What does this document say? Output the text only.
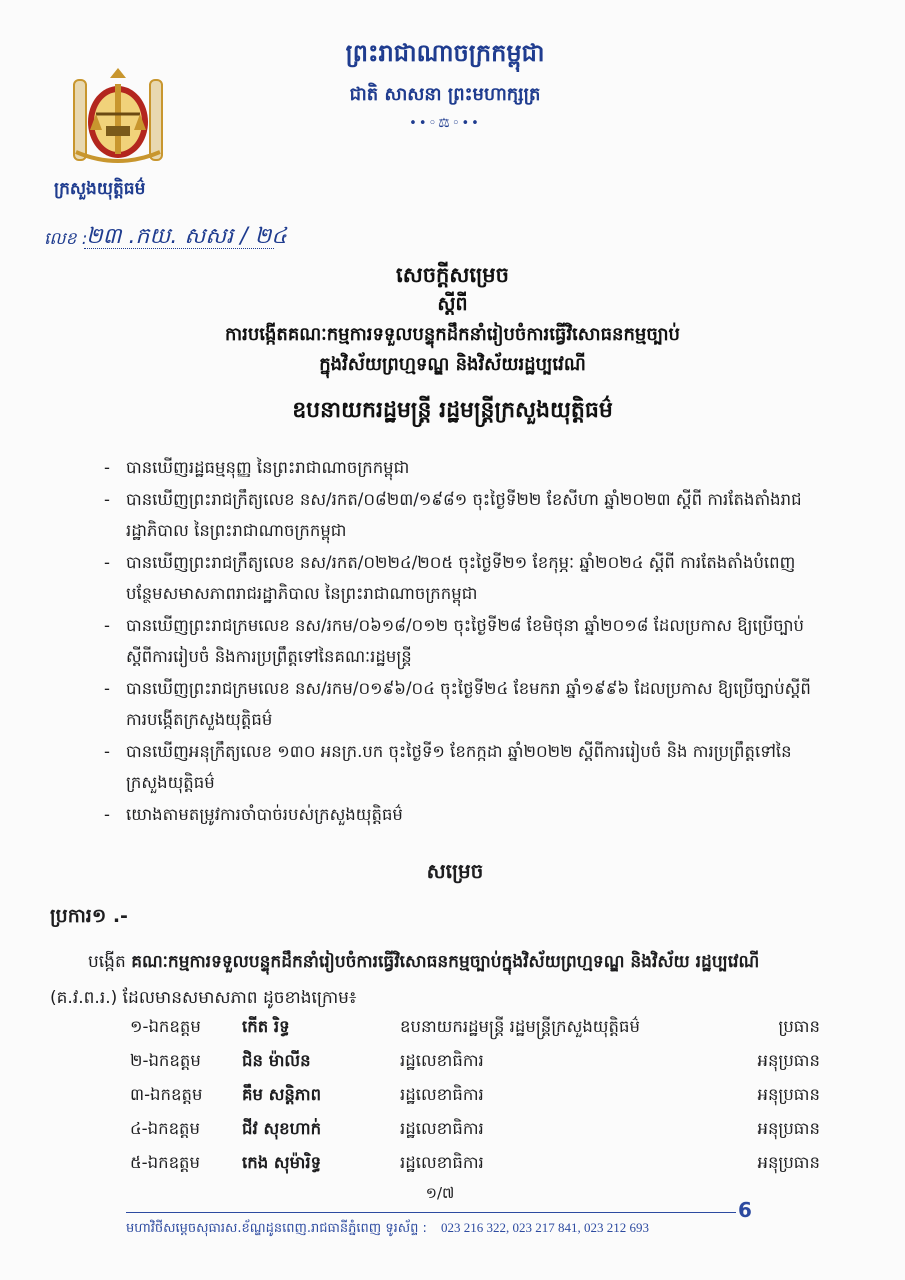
ព្រះរាជាណាចក្រកម្ពុជា
ជាតិ សាសនា ព្រះមហាក្សត្រ
••◦⚖◦••
ក្រសួងយុត្តិធម៌
លេខ :
២៣ .កយ. សសរ / ២៤
សេចក្តីសម្រេច
ស្តីពី
ការបង្កើតគណៈកម្មការទទួលបន្ទុកដឹកនាំរៀបចំការធ្វើវិសោធនកម្មច្បាប់
ក្នុងវិស័យព្រហ្មទណ្ឌ និងវិស័យរដ្ឋប្បវេណី
ឧបនាយករដ្ឋមន្ត្រី រដ្ឋមន្ត្រីក្រសួងយុត្តិធម៌
- បានឃើញរដ្ឋធម្មនុញ្ញ នៃព្រះរាជាណាចក្រកម្ពុជា
- បានឃើញព្រះរាជក្រឹត្យលេខ នស/រកត/០៨២៣/១៩៨១ ចុះថ្ងៃទី២២ ខែសីហា ឆ្នាំ២០២៣ ស្តីពី ការតែងតាំងរាជរដ្ឋាភិបាល នៃព្រះរាជាណាចក្រកម្ពុជា
- បានឃើញព្រះរាជក្រឹត្យលេខ នស/រកត/០២២៤/២០៥ ចុះថ្ងៃទី២១ ខែកុម្ភៈ ឆ្នាំ២០២៤ ស្តីពី ការតែងតាំងបំពេញបន្ថែមសមាសភាពរាជរដ្ឋាភិបាល នៃព្រះរាជាណាចក្រកម្ពុជា
- បានឃើញព្រះរាជក្រមលេខ នស/រកម/០៦១៨/០១២ ចុះថ្ងៃទី២៨ ខែមិថុនា ឆ្នាំ២០១៨ ដែលប្រកាស ឱ្យប្រើច្បាប់ស្តីពីការរៀបចំ និងការប្រព្រឹត្តទៅនៃគណៈរដ្ឋមន្ត្រី
- បានឃើញព្រះរាជក្រមលេខ នស/រកម/០១៩៦/០៤ ចុះថ្ងៃទី២៤ ខែមករា ឆ្នាំ១៩៩៦ ដែលប្រកាស ឱ្យប្រើច្បាប់ស្តីពីការបង្កើតក្រសួងយុត្តិធម៌
- បានឃើញអនុក្រឹត្យលេខ ១៣០ អនក្រ.បក ចុះថ្ងៃទី១ ខែកក្កដា ឆ្នាំ២០២២ ស្តីពីការរៀបចំ និង ការប្រព្រឹត្តទៅនៃក្រសួងយុត្តិធម៌
- យោងតាមតម្រូវការចាំបាច់របស់ក្រសួងយុត្តិធម៌
សម្រេច
ប្រការ១ .-
បង្កើត គណៈកម្មការទទួលបន្ទុកដឹកនាំរៀបចំការធ្វើវិសោធនកម្មច្បាប់ក្នុងវិស័យព្រហ្មទណ្ឌ និងវិស័យ រដ្ឋប្បវេណី (គ.វ.ព.រ.) ដែលមានសមាសភាព ដូចខាងក្រោម៖
១-ឯកឧត្តម កើត រិទ្ធ	ឧបនាយករដ្ឋមន្ត្រី រដ្ឋមន្ត្រីក្រសួងយុត្តិធម៌	ប្រធាន
២-ឯកឧត្តម ជិន ម៉ាលីន	រដ្ឋលេខាធិការ	អនុប្រធាន
៣-ឯកឧត្តម គឹម សន្តិភាព	រដ្ឋលេខាធិការ	អនុប្រធាន
៤-ឯកឧត្តម	ជីវ សុខហាក់	រដ្ឋលេខាធិការ	អនុប្រធាន
៥-ឯកឧត្តម	កេង សុម៉ារិទ្ធ	រដ្ឋលេខាធិការ	អនុប្រធាន
១/៧
6
មហាវិថីសម្តេចសុធារស.ខ័ណ្ឌដូនពេញ.រាជធានីភ្នំពេញ ទូរស័ព្ទ : 023 216 322, 023 217 841, 023 212 693
